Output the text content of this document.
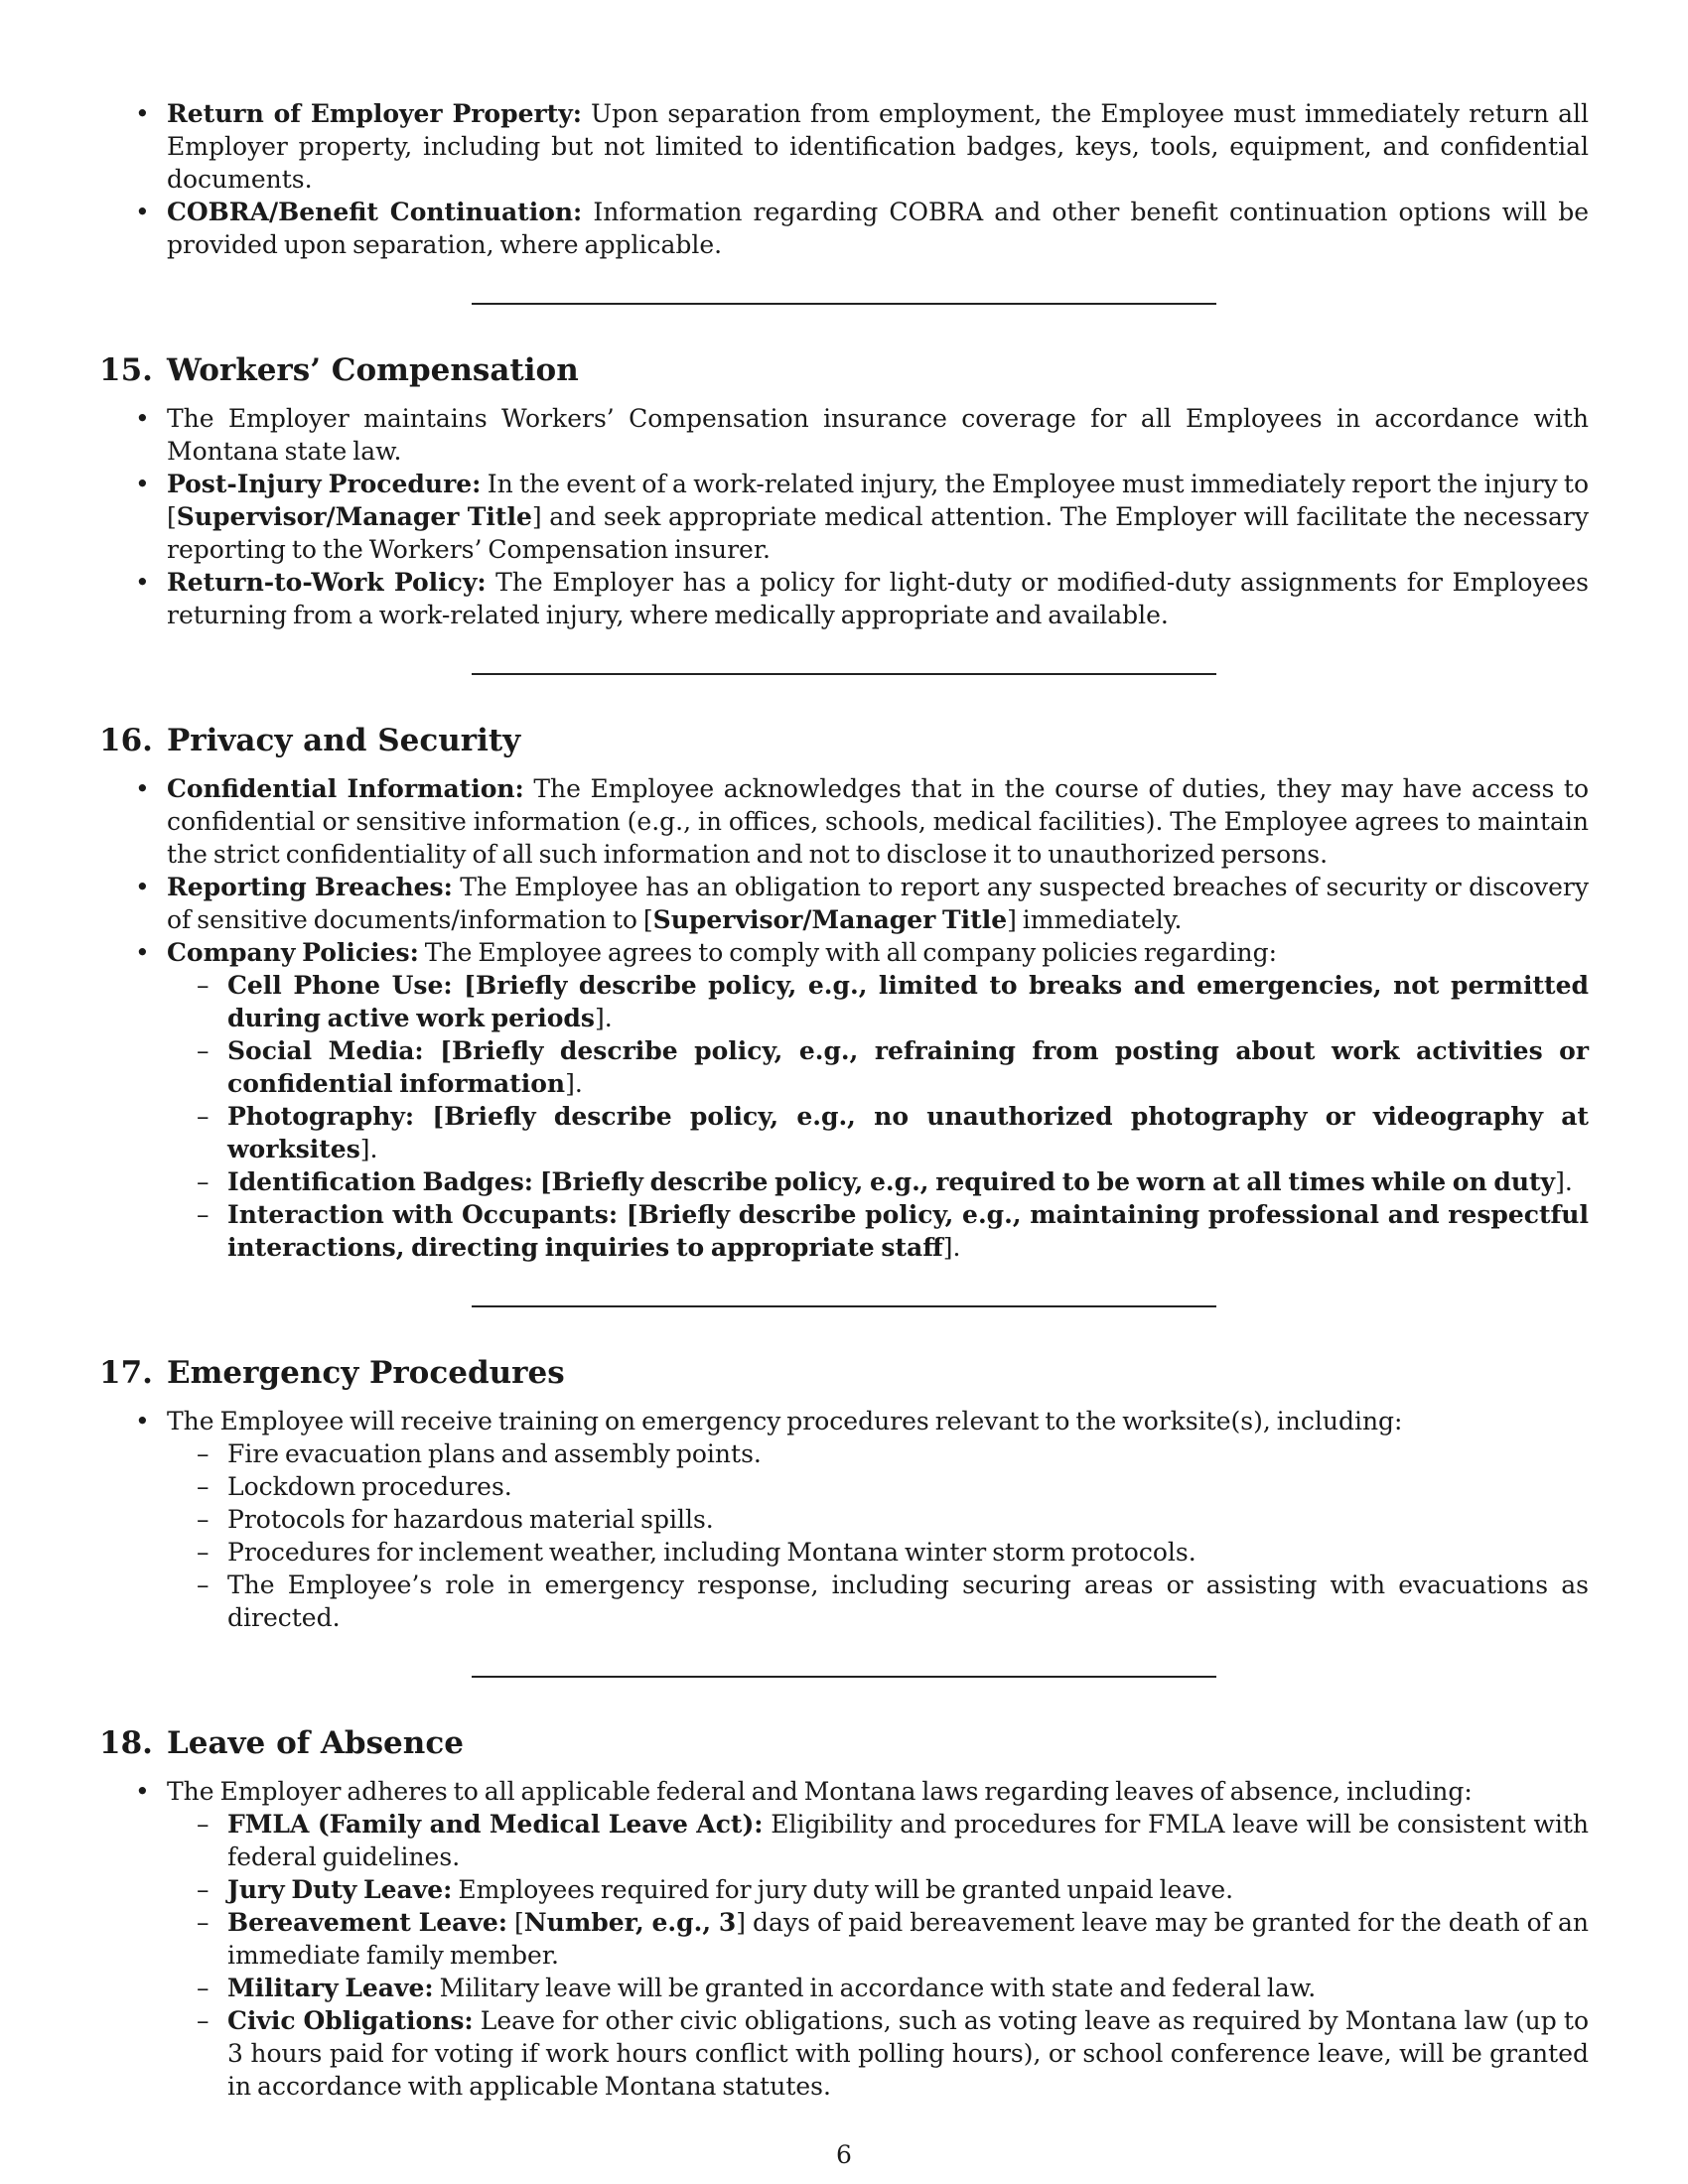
• Return of Employer Property: Upon separation from employment, the Employee must immediately return all Employer property, including but not limited to identification badges, keys, tools, equipment, and confidential documents.
• COBRA/Benefit Continuation: Information regarding COBRA and other benefit continuation options will be provided upon separation, where applicable.
15. Workers’ Compensation
• The Employer maintains Workers’ Compensation insurance coverage for all Employees in accordance with Montana state law.
• Post-Injury Procedure: In the event of a work-related injury, the Employee must immediately report the injury to [Supervisor/Manager Title] and seek appropriate medical attention. The Employer will facilitate the necessary reporting to the Workers’ Compensation insurer.
• Return-to-Work Policy: The Employer has a policy for light-duty or modified-duty assignments for Employees returning from a work-related injury, where medically appropriate and available.
16. Privacy and Security
• Confidential Information: The Employee acknowledges that in the course of duties, they may have access to confidential or sensitive information (e.g., in offices, schools, medical facilities). The Employee agrees to maintain the strict confidentiality of all such information and not to disclose it to unauthorized persons.
• Reporting Breaches: The Employee has an obligation to report any suspected breaches of security or discovery of sensitive documents/information to [Supervisor/Manager Title] immediately.
• Company Policies: The Employee agrees to comply with all company policies regarding:
– Cell Phone Use: [Briefly describe policy, e.g., limited to breaks and emergencies, not permitted during active work periods].
– Social Media: [Briefly describe policy, e.g., refraining from posting about work activities or confidential information].
– Photography: [Briefly describe policy, e.g., no unauthorized photography or videography at worksites].
– Identification Badges: [Briefly describe policy, e.g., required to be worn at all times while on duty].
– Interaction with Occupants: [Briefly describe policy, e.g., maintaining professional and respectful interactions, directing inquiries to appropriate staff].
17. Emergency Procedures
• The Employee will receive training on emergency procedures relevant to the worksite(s), including:
– Fire evacuation plans and assembly points.
– Lockdown procedures.
– Protocols for hazardous material spills.
– Procedures for inclement weather, including Montana winter storm protocols.
– The Employee’s role in emergency response, including securing areas or assisting with evacuations as directed.
18. Leave of Absence
• The Employer adheres to all applicable federal and Montana laws regarding leaves of absence, including:
– FMLA (Family and Medical Leave Act): Eligibility and procedures for FMLA leave will be consistent with federal guidelines.
– Jury Duty Leave: Employees required for jury duty will be granted unpaid leave.
– Bereavement Leave: [Number, e.g., 3] days of paid bereavement leave may be granted for the death of an immediate family member.
– Military Leave: Military leave will be granted in accordance with state and federal law.
– Civic Obligations: Leave for other civic obligations, such as voting leave as required by Montana law (up to 3 hours paid for voting if work hours conflict with polling hours), or school conference leave, will be granted in accordance with applicable Montana statutes.
6
